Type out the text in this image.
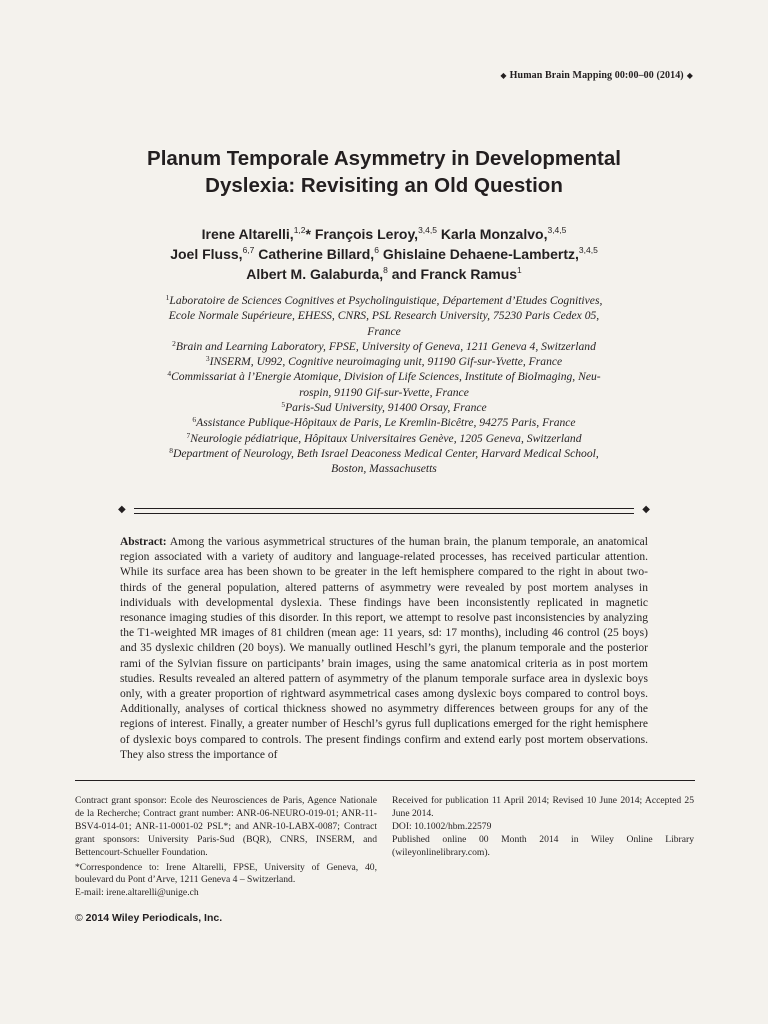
◆ Human Brain Mapping 00:00–00 (2014) ◆
Planum Temporale Asymmetry in Developmental
Dyslexia: Revisiting an Old Question
Irene Altarelli,$^{1,2}$* François Leroy,$^{3,4,5}$ Karla Monzalvo,$^{3,4,5}$
Joel Fluss,$^{6,7}$ Catherine Billard,$^6$ Ghislaine Dehaene-Lambertz,$^{3,4,5}$
Albert M. Galaburda,$^8$ and Franck Ramus$^1$
$^1$Laboratoire de Sciences Cognitives et Psycholinguistique, Département d’Etudes Cognitives,
Ecole Normale Supérieure, EHESS, CNRS, PSL Research University, 75230 Paris Cedex 05,
France
$^2$Brain and Learning Laboratory, FPSE, University of Geneva, 1211 Geneva 4, Switzerland
$^3$INSERM, U992, Cognitive neuroimaging unit, 91190 Gif-sur-Yvette, France
$^4$Commissariat à l’Energie Atomique, Division of Life Sciences, Institute of BioImaging, Neu-
rospin, 91190 Gif-sur-Yvette, France
$^5$Paris-Sud University, 91400 Orsay, France
$^6$Assistance Publique-Hôpitaux de Paris, Le Kremlin-Bicêtre, 94275 Paris, France
$^7$Neurologie pédiatrique, Hôpitaux Universitaires Genève, 1205 Geneva, Switzerland
$^8$Department of Neurology, Beth Israel Deaconess Medical Center, Harvard Medical School,
Boston, Massachusetts
◆	◆
Abstract: Among the various asymmetrical structures of the human brain, the planum temporale, an anatomical region associated with a variety of auditory and language-related processes, has received particular attention. While its surface area has been shown to be greater in the left hemisphere compared to the right in about two-thirds of the general population, altered patterns of asymmetry were revealed by post mortem analyses in individuals with developmental dyslexia. These findings have been inconsistently replicated in magnetic resonance imaging studies of this disorder. In this report, we attempt to resolve past inconsistencies by analyzing the T1-weighted MR images of 81 children (mean age: 11 years, sd: 17 months), including 46 control (25 boys) and 35 dyslexic children (20 boys). We manually outlined Heschl’s gyri, the planum temporale and the posterior rami of the Sylvian fissure on participants’ brain images, using the same anatomical criteria as in post mortem studies. Results revealed an altered pattern of asymmetry of the planum temporale surface area in dyslexic boys only, with a greater proportion of rightward asymmetrical cases among dyslexic boys compared to control boys. Additionally, analyses of cortical thickness showed no asymmetry differences between groups for any of the regions of interest. Finally, a greater number of Heschl’s gyrus full duplications emerged for the right hemisphere of dyslexic boys compared to controls. The present findings confirm and extend early post mortem observations. They also stress the importance of

Contract grant sponsor: Ecole des Neurosciences de Paris, Agence Nationale de la Recherche; Contract grant number: ANR-06-NEURO-019-01; ANR-11-BSV4-014-01; ANR-11-0001-02 PSL*; and ANR-10-LABX-0087; Contract grant sponsors: University Paris-Sud (BQR), CNRS, INSERM, and Bettencourt-Schueller Foundation.

*Correspondence to: Irene Altarelli, FPSE, University of Geneva, 40, boulevard du Pont d’Arve, 1211 Geneva 4 – Switzerland.

E-mail: irene.altarelli@unige.ch

Received for publication 11 April 2014; Revised 10 June 2014; Accepted 25 June 2014.

DOI: 10.1002/hbm.22579

Published online 00 Month 2014 in Wiley Online Library (wileyonlinelibrary.com).

© 2014 Wiley Periodicals, Inc.
